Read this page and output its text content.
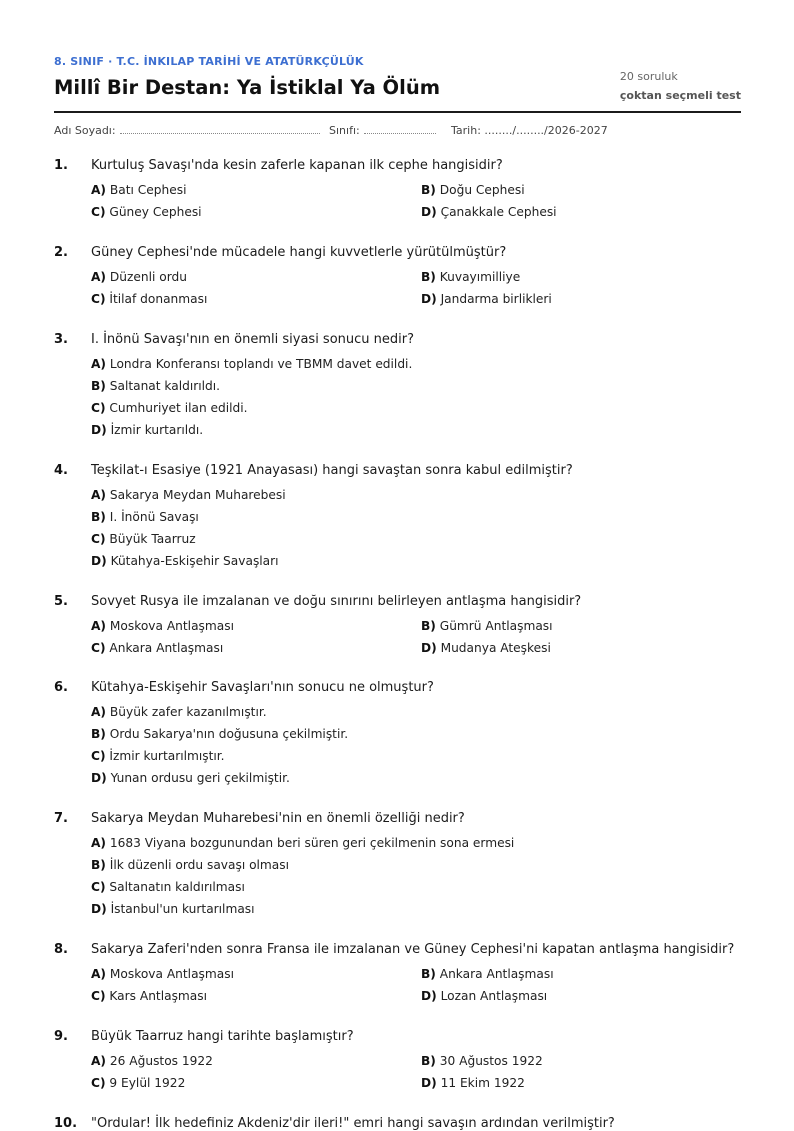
8. SINIF · T.C. İNKILAP TARİHİ VE ATATÜRKÇÜLÜK
Millî Bir Destan: Ya İstiklal Ya Ölüm	20 soruluk
çoktan seçmeli test
Adı Soyadı:	Sınıfı:	Tarih: ......../......../2026-2027
1. Kurtuluş Savaşı'nda kesin zaferle kapanan ilk cephe hangisidir?
A) Batı Cephesi	B) Doğu Cephesi
C) Güney Cephesi	D) Çanakkale Cephesi
2. Güney Cephesi'nde mücadele hangi kuvvetlerle yürütülmüştür?
A) Düzenli ordu	B) Kuvayımilliye
C) İtilaf donanması	D) Jandarma birlikleri
3. I. İnönü Savaşı'nın en önemli siyasi sonucu nedir?
A) Londra Konferansı toplandı ve TBMM davet edildi.
B) Saltanat kaldırıldı.
C) Cumhuriyet ilan edildi.
D) İzmir kurtarıldı.
4. Teşkilat-ı Esasiye (1921 Anayasası) hangi savaştan sonra kabul edilmiştir?
A) Sakarya Meydan Muharebesi
B) I. İnönü Savaşı
C) Büyük Taarruz
D) Kütahya-Eskişehir Savaşları
5. Sovyet Rusya ile imzalanan ve doğu sınırını belirleyen antlaşma hangisidir?
A) Moskova Antlaşması	B) Gümrü Antlaşması
C) Ankara Antlaşması	D) Mudanya Ateşkesi
6. Kütahya-Eskişehir Savaşları'nın sonucu ne olmuştur?
A) Büyük zafer kazanılmıştır.
B) Ordu Sakarya'nın doğusuna çekilmiştir.
C) İzmir kurtarılmıştır.
D) Yunan ordusu geri çekilmiştir.
7. Sakarya Meydan Muharebesi'nin en önemli özelliği nedir?
A) 1683 Viyana bozgunundan beri süren geri çekilmenin sona ermesi
B) İlk düzenli ordu savaşı olması
C) Saltanatın kaldırılması
D) İstanbul'un kurtarılması
8. Sakarya Zaferi'nden sonra Fransa ile imzalanan ve Güney Cephesi'ni kapatan antlaşma hangisidir?
A) Moskova Antlaşması	B) Ankara Antlaşması
C) Kars Antlaşması	D) Lozan Antlaşması
9. Büyük Taarruz hangi tarihte başlamıştır?
A) 26 Ağustos 1922	B) 30 Ağustos 1922
C) 9 Eylül 1922	D) 11 Ekim 1922
10. "Ordular! İlk hedefiniz Akdeniz'dir ileri!" emri hangi savaşın ardından verilmiştir?
